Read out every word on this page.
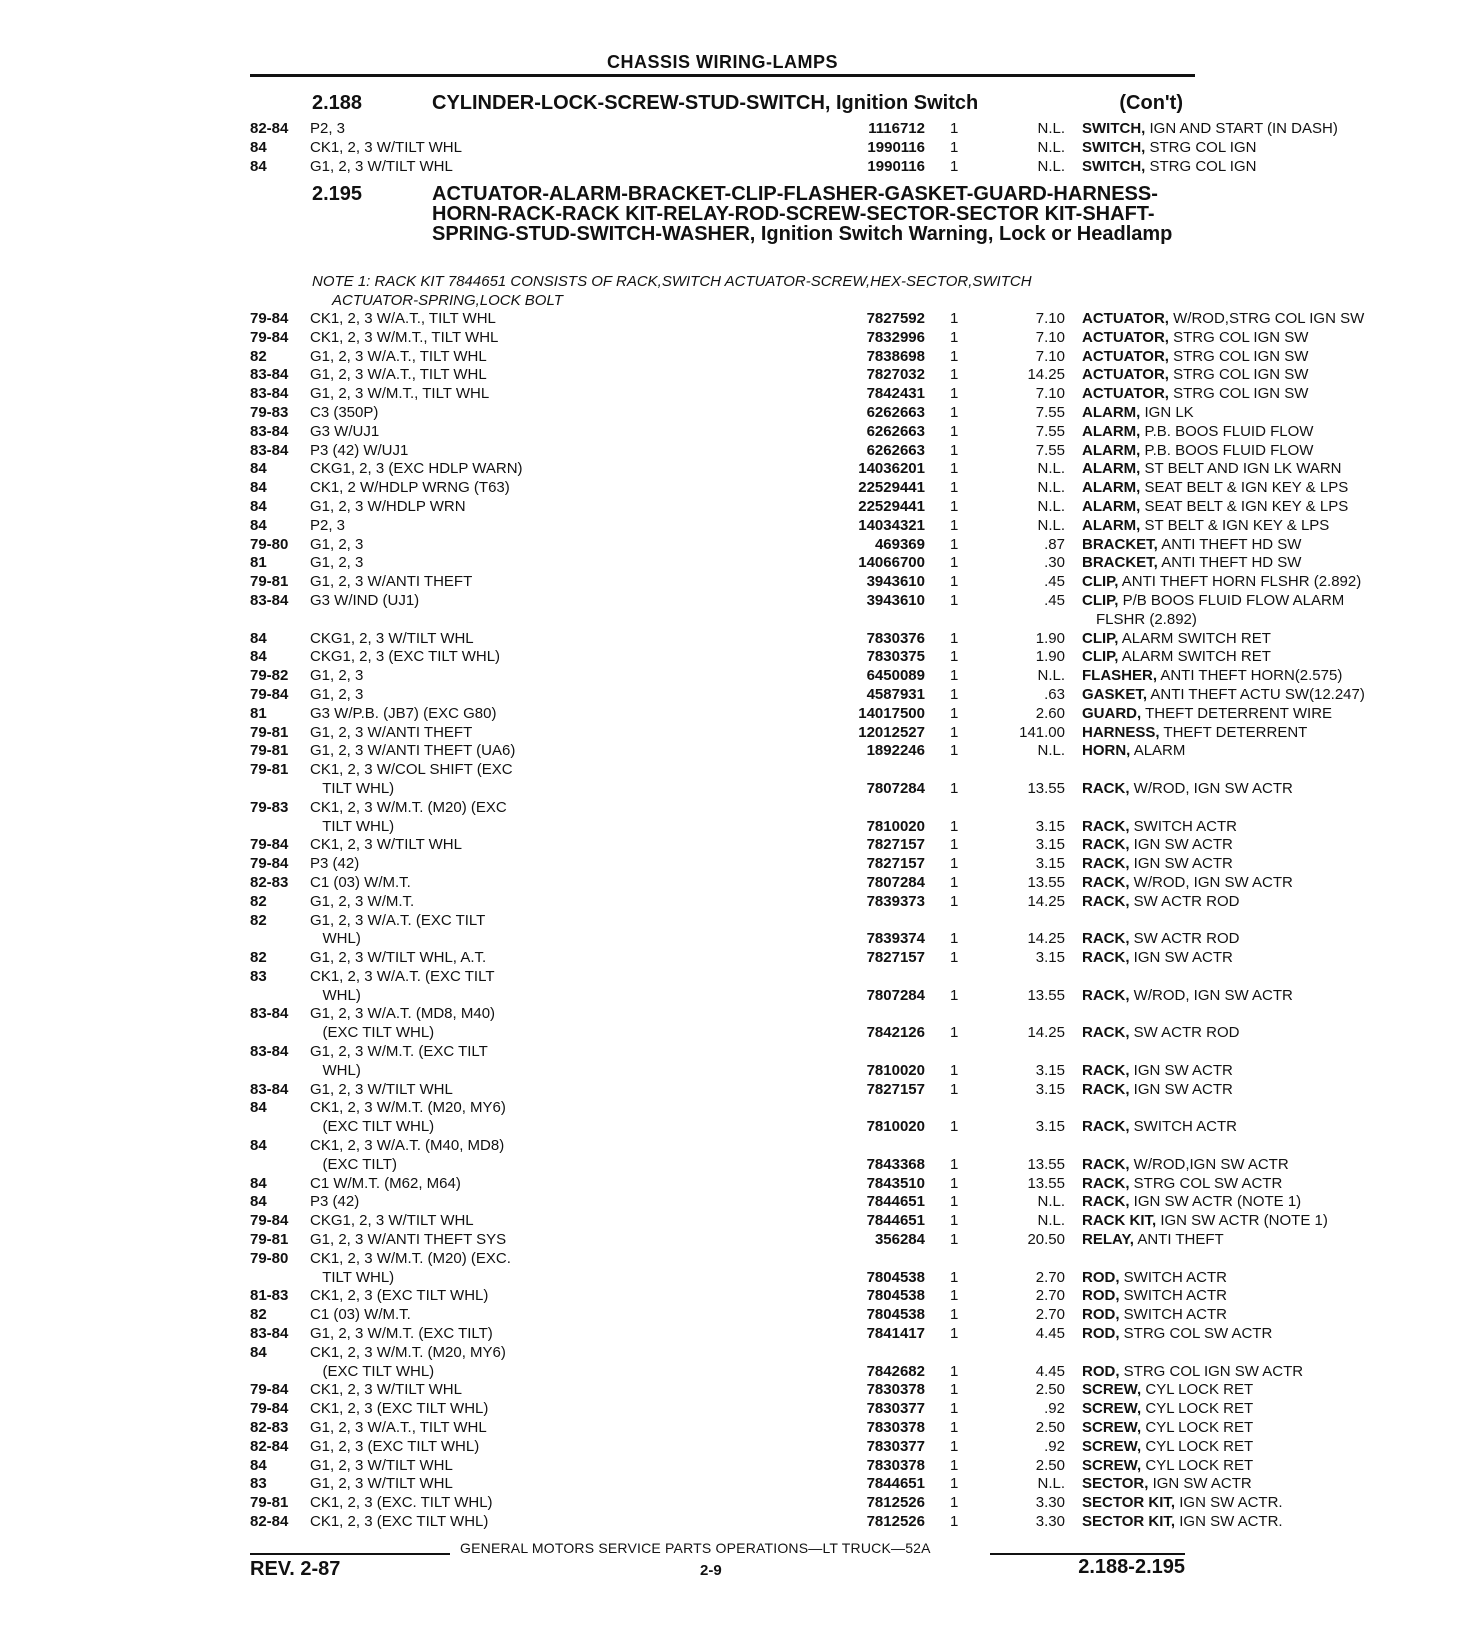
CHASSIS WIRING-LAMPS
2.188	CYLINDER-LOCK-SCREW-STUD-SWITCH, Ignition Switch	(Con't)
82-84	P2, 3	1116712 1	N.L. SWITCH, IGN AND START (IN DASH)
84	CK1, 2, 3 W/TILT WHL	1990116 1	N.L. SWITCH, STRG COL IGN
84	G1, 2, 3 W/TILT WHL	1990116 1	N.L. SWITCH, STRG COL IGN
2.195	ACTUATOR-ALARM-BRACKET-CLIP-FLASHER-GASKET-GUARD-HARNESS-HORN-RACK-RACK KIT-RELAY-ROD-SCREW-SECTOR-SECTOR KIT-SHAFT-SPRING-STUD-SWITCH-WASHER, Ignition Switch Warning, Lock or Headlamp
NOTE 1: RACK KIT 7844651 CONSISTS OF RACK,SWITCH ACTUATOR-SCREW,HEX-SECTOR,SWITCH
ACTUATOR-SPRING,LOCK BOLT
79-84	CK1, 2, 3 W/A.T., TILT WHL	7827592 1	7.10 ACTUATOR, W/ROD,STRG COL IGN SW
79-84	CK1, 2, 3 W/M.T., TILT WHL	7832996 1	7.10 ACTUATOR, STRG COL IGN SW
82	G1, 2, 3 W/A.T., TILT WHL	7838698 1	7.10 ACTUATOR, STRG COL IGN SW
83-84	G1, 2, 3 W/A.T., TILT WHL	7827032 1	14.25 ACTUATOR, STRG COL IGN SW
83-84	G1, 2, 3 W/M.T., TILT WHL	7842431 1	7.10 ACTUATOR, STRG COL IGN SW
79-83	C3 (350P)	6262663 1	7.55 ALARM, IGN LK
83-84	G3 W/UJ1	6262663 1	7.55 ALARM, P.B. BOOS FLUID FLOW
83-84	P3 (42) W/UJ1	6262663 1	7.55 ALARM, P.B. BOOS FLUID FLOW
84	CKG1, 2, 3 (EXC HDLP WARN)	14036201 1	N.L. ALARM, ST BELT AND IGN LK WARN
84	CK1, 2 W/HDLP WRNG (T63)	22529441 1	N.L. ALARM, SEAT BELT & IGN KEY & LPS
84	G1, 2, 3 W/HDLP WRN	22529441 1	N.L. ALARM, SEAT BELT & IGN KEY & LPS
84	P2, 3	14034321 1	N.L. ALARM, ST BELT & IGN KEY & LPS
79-80	G1, 2, 3	469369 1	.87 BRACKET, ANTI THEFT HD SW
81	G1, 2, 3	14066700 1	.30 BRACKET, ANTI THEFT HD SW
79-81	G1, 2, 3 W/ANTI THEFT	3943610 1	.45 CLIP, ANTI THEFT HORN FLSHR (2.892)
83-84	G3 W/IND (UJ1)	3943610 1	.45 CLIP, P/B BOOS FLUID FLOW ALARM
FLSHR (2.892)
84	CKG1, 2, 3 W/TILT WHL	7830376 1	1.90 CLIP, ALARM SWITCH RET
84	CKG1, 2, 3 (EXC TILT WHL)	7830375 1	1.90 CLIP, ALARM SWITCH RET
79-82	G1, 2, 3	6450089 1	N.L. FLASHER, ANTI THEFT HORN(2.575)
79-84	G1, 2, 3	4587931 1	.63 GASKET, ANTI THEFT ACTU SW(12.247)
81	G3 W/P.B. (JB7) (EXC G80)	14017500 1	2.60 GUARD, THEFT DETERRENT WIRE
79-81	G1, 2, 3 W/ANTI THEFT	12012527 1	141.00 HARNESS, THEFT DETERRENT
79-81	G1, 2, 3 W/ANTI THEFT (UA6)	1892246 1	N.L. HORN, ALARM
79-81	CK1, 2, 3 W/COL SHIFT (EXC
TILT WHL)	7807284 1	13.55 RACK, W/ROD, IGN SW ACTR
79-83	CK1, 2, 3 W/M.T. (M20) (EXC
TILT WHL)	7810020 1	3.15 RACK, SWITCH ACTR
79-84	CK1, 2, 3 W/TILT WHL	7827157 1	3.15 RACK, IGN SW ACTR
79-84	P3 (42)	7827157 1	3.15 RACK, IGN SW ACTR
82-83	C1 (03) W/M.T.	7807284 1	13.55 RACK, W/ROD, IGN SW ACTR
82	G1, 2, 3 W/M.T.	7839373 1	14.25 RACK, SW ACTR ROD
82	G1, 2, 3 W/A.T. (EXC TILT
WHL)	7839374 1	14.25 RACK, SW ACTR ROD
82	G1, 2, 3 W/TILT WHL, A.T.	7827157 1	3.15 RACK, IGN SW ACTR
83	CK1, 2, 3 W/A.T. (EXC TILT
WHL)	7807284 1	13.55 RACK, W/ROD, IGN SW ACTR
83-84	G1, 2, 3 W/A.T. (MD8, M40)
(EXC TILT WHL)	7842126 1	14.25 RACK, SW ACTR ROD
83-84	G1, 2, 3 W/M.T. (EXC TILT
WHL)	7810020 1	3.15 RACK, IGN SW ACTR
83-84	G1, 2, 3 W/TILT WHL	7827157 1	3.15 RACK, IGN SW ACTR
84	CK1, 2, 3 W/M.T. (M20, MY6)
(EXC TILT WHL)	7810020 1	3.15 RACK, SWITCH ACTR
84	CK1, 2, 3 W/A.T. (M40, MD8)
(EXC TILT)	7843368 1	13.55 RACK, W/ROD,IGN SW ACTR
84	C1 W/M.T. (M62, M64)	7843510 1	13.55 RACK, STRG COL SW ACTR
84	P3 (42)	7844651 1	N.L. RACK, IGN SW ACTR (NOTE 1)
79-84	CKG1, 2, 3 W/TILT WHL	7844651 1	N.L. RACK KIT, IGN SW ACTR (NOTE 1)
79-81	G1, 2, 3 W/ANTI THEFT SYS	356284 1	20.50 RELAY, ANTI THEFT
79-80	CK1, 2, 3 W/M.T. (M20) (EXC.
TILT WHL)	7804538 1	2.70 ROD, SWITCH ACTR
81-83	CK1, 2, 3 (EXC TILT WHL)	7804538 1	2.70 ROD, SWITCH ACTR
82	C1 (03) W/M.T.	7804538 1	2.70 ROD, SWITCH ACTR
83-84	G1, 2, 3 W/M.T. (EXC TILT)	7841417 1	4.45 ROD, STRG COL SW ACTR
84	CK1, 2, 3 W/M.T. (M20, MY6)
(EXC TILT WHL)	7842682 1	4.45 ROD, STRG COL IGN SW ACTR
79-84	CK1, 2, 3 W/TILT WHL	7830378 1	2.50 SCREW, CYL LOCK RET
79-84	CK1, 2, 3 (EXC TILT WHL)	7830377 1	.92 SCREW, CYL LOCK RET
82-83	G1, 2, 3 W/A.T., TILT WHL	7830378 1	2.50 SCREW, CYL LOCK RET
82-84	G1, 2, 3 (EXC TILT WHL)	7830377 1	.92 SCREW, CYL LOCK RET
84	G1, 2, 3 W/TILT WHL	7830378 1	2.50 SCREW, CYL LOCK RET
83	G1, 2, 3 W/TILT WHL	7844651 1	N.L. SECTOR, IGN SW ACTR
79-81	CK1, 2, 3 (EXC. TILT WHL)	7812526 1	3.30 SECTOR KIT, IGN SW ACTR.
82-84	CK1, 2, 3 (EXC TILT WHL)	7812526 1	3.30 SECTOR KIT, IGN SW ACTR.
GENERAL MOTORS SERVICE PARTS OPERATIONS—LT TRUCK—52A
REV. 2-87	2-9	2.188-2.195
